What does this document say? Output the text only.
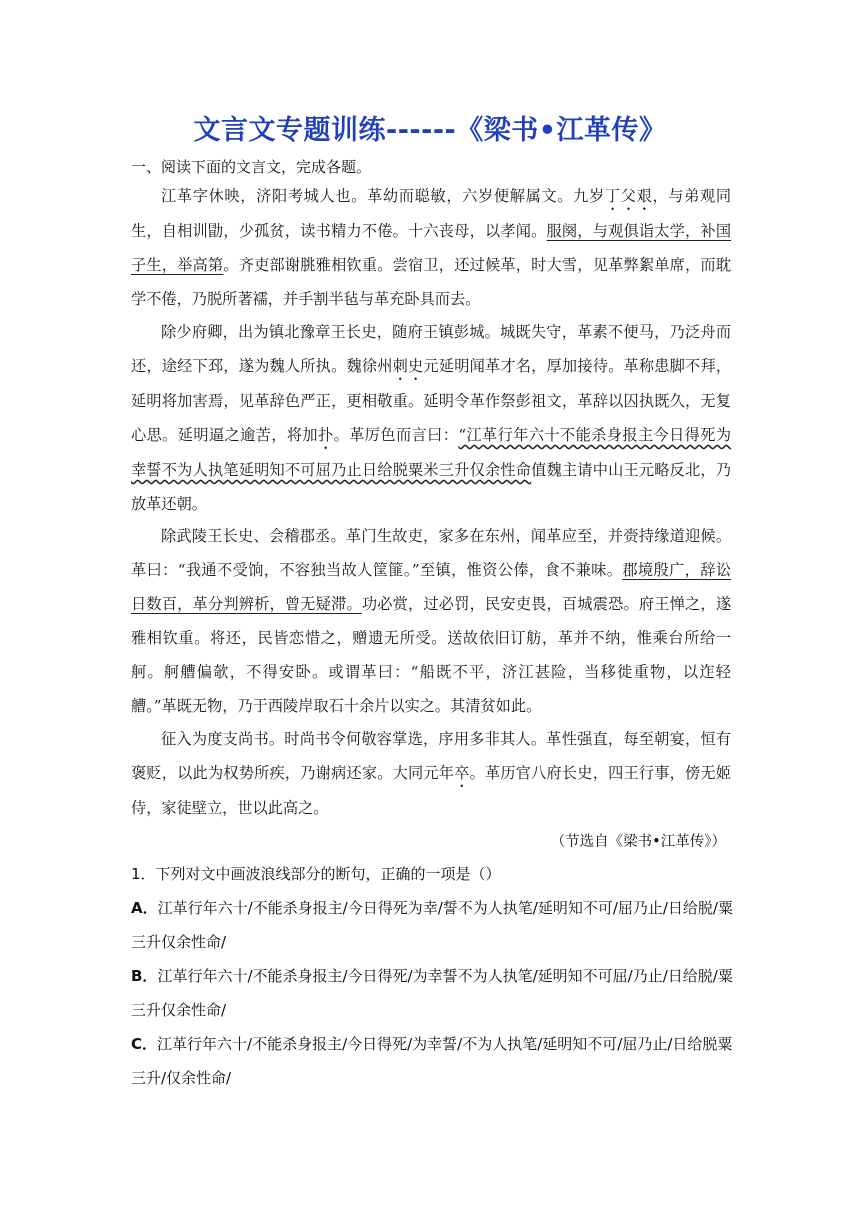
文言文专题训练------《梁书•江革传》
一、阅读下面的文言文，完成各题。
江革字休映，济阳考城人也。革幼而聪敏，六岁便解属文。九岁丁父艰，与弟观同生，自相训勖，少孤贫，读书精力不倦。十六丧母，以孝闻。服阕，与观俱诣太学，补国子生，举高第。齐吏部谢朓雅相钦重。尝宿卫，还过候革，时大雪，见革弊絮单席，而耽学不倦，乃脱所著襦，并手割半毡与革充卧具而去。
除少府卿，出为镇北豫章王长史，随府王镇彭城。城既失守，革素不便马，乃泛舟而还，途经下邳，遂为魏人所执。魏徐州刺史元延明闻革才名，厚加接待。革称患脚不拜，延明将加害焉，见革辞色严正，更相敬重。延明令革作祭彭祖文，革辞以囚执既久，无复心思。延明逼之逾苦，将加扑。革厉色而言曰：“江革行年六十不能杀身报主今日得死为幸誓不为人执笔延明知不可屈乃止日给脱粟米三升仅余性命值魏主请中山王元略反北，乃放革还朝。
除武陵王长史、会稽郡丞。革门生故吏，家多在东州，闻革应至，并赍持缘道迎候。革曰：“我通不受饷，不容独当故人筐篚。”至镇，惟资公俸，食不兼味。郡境殷广，辞讼日数百，革分判辨析，曾无疑滞。功必赏，过必罚，民安吏畏，百城震恐。府王惮之，遂雅相钦重。将还，民皆恋惜之，赠遗无所受。送故依旧订舫，革并不纳，惟乘台所给一舸。舸艚偏欹，不得安卧。或谓革曰：“船既不平，济江甚险，当移徙重物，以迮轻艚。”革既无物，乃于西陵岸取石十余片以实之。其清贫如此。
征入为度支尚书。时尚书令何敬容掌选，序用多非其人。革性强直，每至朝宴，恒有褒贬，以此为权势所疾，乃谢病还家。大同元年卒。革历官八府长史，四王行事，傍无姬侍，家徒壁立，世以此高之。
（节选自《梁书•江革传》）
1．下列对文中画波浪线部分的断句，正确的一项是（）
A．江革行年六十/不能杀身报主/今日得死为幸/誓不为人执笔/延明知不可/屈乃止/日给脱/粟三升仅余性命/
B．江革行年六十/不能杀身报主/今日得死/为幸誓不为人执笔/延明知不可屈/乃止/日给脱/粟三升仅余性命/
C．江革行年六十/不能杀身报主/今日得死/为幸誓/不为人执笔/延明知不可/屈乃止/日给脱粟三升/仅余性命/
